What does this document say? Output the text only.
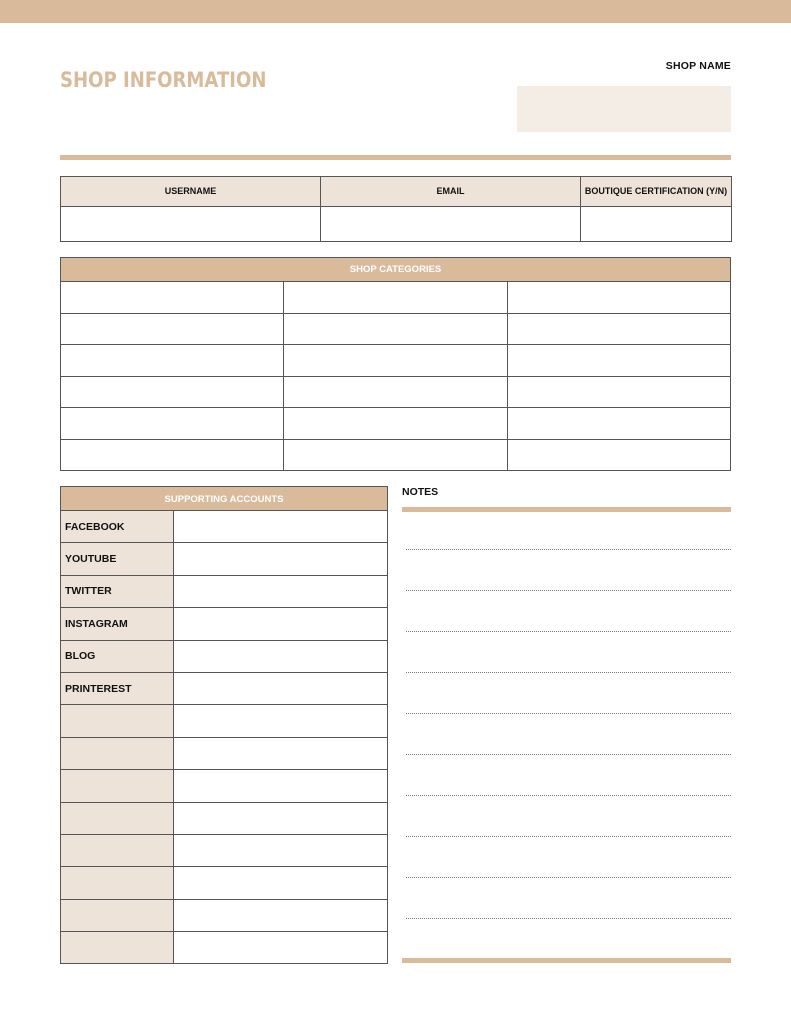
SHOP INFORMATION
SHOP NAME
USERNAME	EMAIL	BOUTIQUE CERTIFICATION (Y/N)

SHOP CATEGORIES

SUPPORTING ACCOUNTS
FACEBOOK	
YOUTUBE	
TWITTER	
INSTAGRAM	
BLOG	
PRINTEREST	

NOTES
